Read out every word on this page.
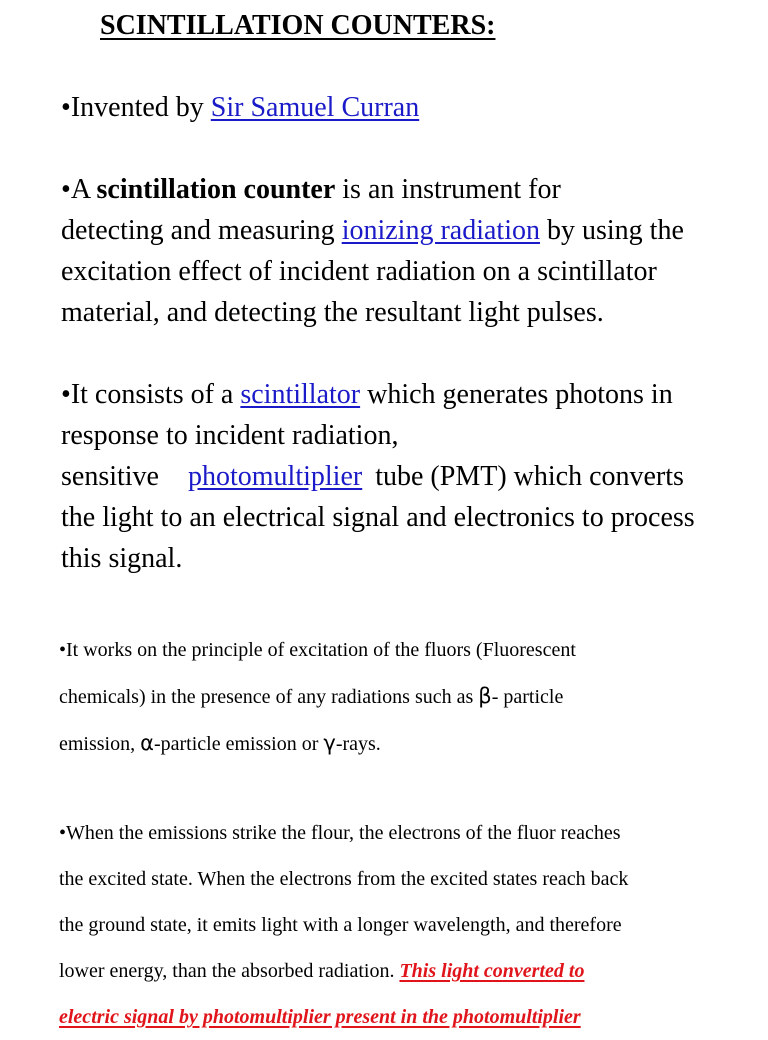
SCINTILLATION COUNTERS:
•Invented by Sir Samuel Curran
•A scintillation counter is an instrument for
detecting and measuring ionizing radiation by using the
excitation effect of incident radiation on a scintillator
material, and detecting the resultant light pulses.
•It consists of a scintillator which generates photons in
response to incident radiation,
sensitive photomultiplier tube (PMT) which converts
the light to an electrical signal and electronics to process
this signal.
•It works on the principle of excitation of the fluors (Fluorescent
chemicals) in the presence of any radiations such as β- particle
emission, α-particle emission or γ-rays.
•When the emissions strike the flour, the electrons of the fluor reaches
the excited state. When the electrons from the excited states reach back
the ground state, it emits light with a longer wavelength, and therefore
lower energy, than the absorbed radiation. This light converted to
electric signal by photomultiplier present in the photomultiplier
